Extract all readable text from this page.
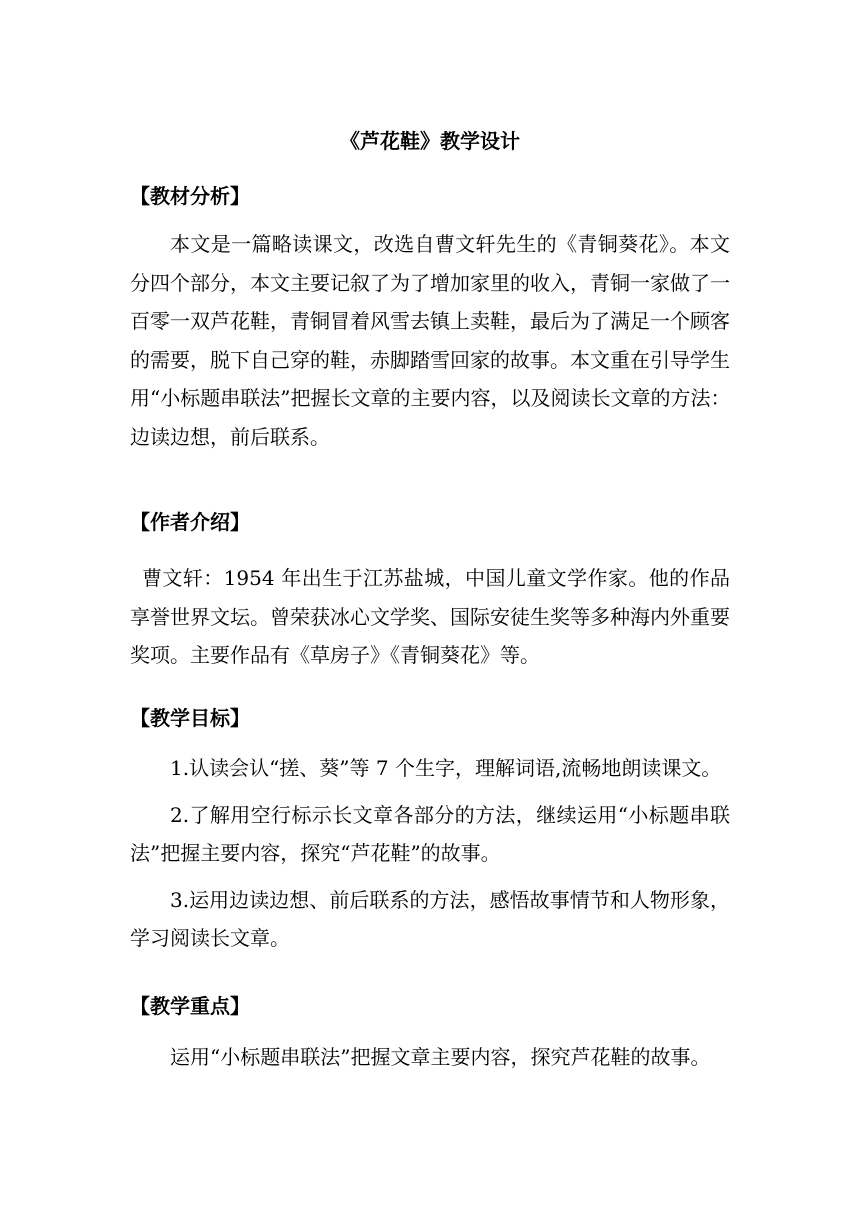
《芦花鞋》教学设计
【教材分析】
本文是一篇略读课文，改选自曹文轩先生的《青铜葵花》。本文
分四个部分，本文主要记叙了为了增加家里的收入，青铜一家做了一
百零一双芦花鞋，青铜冒着风雪去镇上卖鞋，最后为了满足一个顾客
的需要，脱下自己穿的鞋，赤脚踏雪回家的故事。本文重在引导学生
用“小标题串联法”把握长文章的主要内容，以及阅读长文章的方法：
边读边想，前后联系。
【作者介绍】
曹文轩：1954 年出生于江苏盐城，中国儿童文学作家。他的作品
享誉世界文坛。曾荣获冰心文学奖、国际安徒生奖等多种海内外重要
奖项。主要作品有《草房子》《青铜葵花》等。
【教学目标】
1.认读会认“搓、葵”等 7 个生字，理解词语,流畅地朗读课文。
2.了解用空行标示长文章各部分的方法，继续运用“小标题串联
法”把握主要内容，探究“芦花鞋”的故事。
3.运用边读边想、前后联系的方法，感悟故事情节和人物形象，
学习阅读长文章。
【教学重点】
运用“小标题串联法”把握文章主要内容，探究芦花鞋的故事。
